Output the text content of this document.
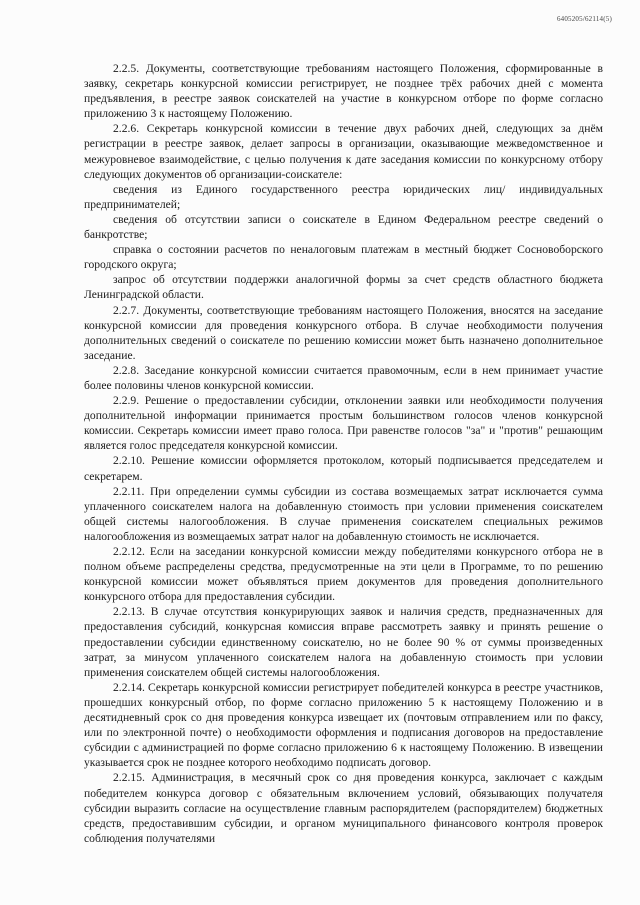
6405205/62114(5)

2.2.5. Документы, соответствующие требованиям настоящего Положения, сформированные в заявку, секретарь конкурсной комиссии регистрирует, не позднее трёх рабочих дней с момента предъявления, в реестре заявок соискателей на участие в конкурсном отборе по форме согласно приложению 3 к настоящему Положению.

2.2.6. Секретарь конкурсной комиссии в течение двух рабочих дней, следующих за днём регистрации в реестре заявок, делает запросы в организации, оказывающие межведомственное и межуровневое взаимодействие, с целью получения к дате заседания комиссии по конкурсному отбору следующих документов об организации-соискателе:

сведения из Единого государственного реестра юридических лиц/ индивидуальных предпринимателей;

сведения об отсутствии записи о соискателе в Едином Федеральном реестре сведений о банкротстве;

справка о состоянии расчетов по неналоговым платежам в местный бюджет Сосновоборского городского округа;

запрос об отсутствии поддержки аналогичной формы за счет средств областного бюджета Ленинградской области.

2.2.7. Документы, соответствующие требованиям настоящего Положения, вносятся на заседание конкурсной комиссии для проведения конкурсного отбора. В случае необходимости получения дополнительных сведений о соискателе по решению комиссии может быть назначено дополнительное заседание.

2.2.8. Заседание конкурсной комиссии считается правомочным, если в нем принимает участие более половины членов конкурсной комиссии.

2.2.9. Решение о предоставлении субсидии, отклонении заявки или необходимости получения дополнительной информации принимается простым большинством голосов членов конкурсной комиссии. Секретарь комиссии имеет право голоса. При равенстве голосов "за" и "против" решающим является голос председателя конкурсной комиссии.

2.2.10. Решение комиссии оформляется протоколом, который подписывается председателем и секретарем.

2.2.11. При определении суммы субсидии из состава возмещаемых затрат исключается сумма уплаченного соискателем налога на добавленную стоимость при условии применения соискателем общей системы налогообложения. В случае применения соискателем специальных режимов налогообложения из возмещаемых затрат налог на добавленную стоимость не исключается.

2.2.12. Если на заседании конкурсной комиссии между победителями конкурсного отбора не в полном объеме распределены средства, предусмотренные на эти цели в Программе, то по решению конкурсной комиссии может объявляться прием документов для проведения дополнительного конкурсного отбора для предоставления субсидии.

2.2.13. В случае отсутствия конкурирующих заявок и наличия средств, предназначенных для предоставления субсидий, конкурсная комиссия вправе рассмотреть заявку и принять решение о предоставлении субсидии единственному соискателю, но не более 90 % от суммы произведенных затрат, за минусом уплаченного соискателем налога на добавленную стоимость при условии применения соискателем общей системы налогообложения.

2.2.14. Секретарь конкурсной комиссии регистрирует победителей конкурса в реестре участников, прошедших конкурсный отбор, по форме согласно приложению 5 к настоящему Положению и в десятидневный срок со дня проведения конкурса извещает их (почтовым отправлением или по факсу, или по электронной почте) о необходимости оформления и подписания договоров на предоставление субсидии с администрацией по форме согласно приложению 6 к настоящему Положению. В извещении указывается срок не позднее которого необходимо подписать договор.

2.2.15. Администрация, в месячный срок со дня проведения конкурса, заключает с каждым победителем конкурса договор с обязательным включением условий, обязывающих получателя субсидии выразить согласие на осуществление главным распорядителем (распорядителем) бюджетных средств, предоставившим субсидии, и органом муниципального финансового контроля проверок соблюдения получателями
